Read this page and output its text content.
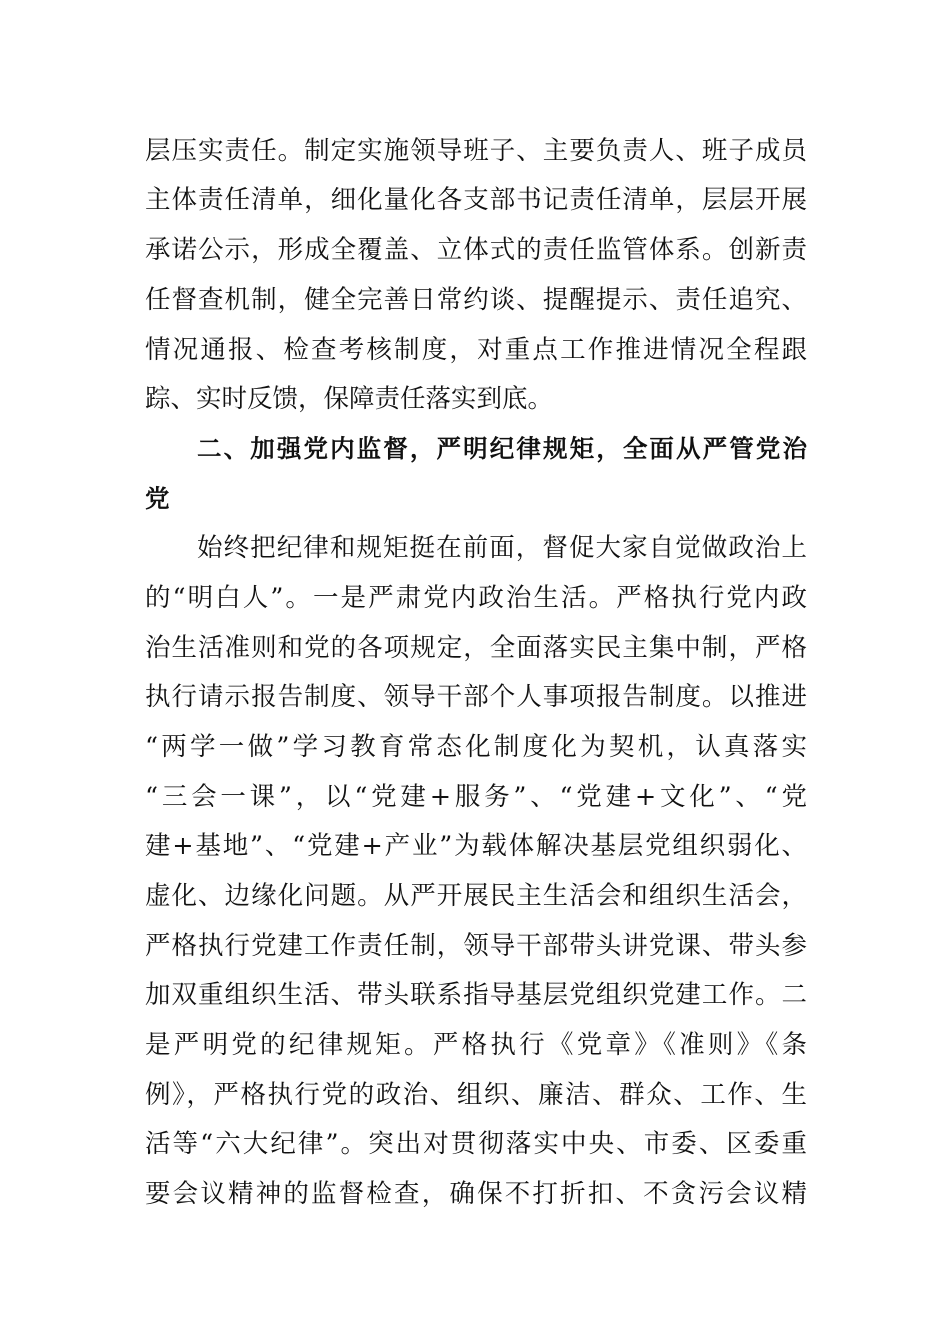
层压实责任。制定实施领导班子、主要负责人、班子成员
主体责任清单，细化量化各支部书记责任清单，层层开展
承诺公示，形成全覆盖、立体式的责任监管体系。创新责
任督查机制，健全完善日常约谈、提醒提示、责任追究、
情况通报、检查考核制度，对重点工作推进情况全程跟
踪、实时反馈，保障责任落实到底。
二、加强党内监督，严明纪律规矩，全面从严管党治
党
始终把纪律和规矩挺在前面，督促大家自觉做政治上
的“明白人”。一是严肃党内政治生活。严格执行党内政
治生活准则和党的各项规定，全面落实民主集中制，严格
执行请示报告制度、领导干部个人事项报告制度。以推进
“两学一做”学习教育常态化制度化为契机，认真落实
“三会一课”，以“党建+服务”、“党建+文化”、“党
建+基地”、“党建+产业”为载体解决基层党组织弱化、
虚化、边缘化问题。从严开展民主生活会和组织生活会，
严格执行党建工作责任制，领导干部带头讲党课、带头参
加双重组织生活、带头联系指导基层党组织党建工作。二
是严明党的纪律规矩。严格执行《党章》《准则》《条
例》，严格执行党的政治、组织、廉洁、群众、工作、生
活等“六大纪律”。突出对贯彻落实中央、市委、区委重
要会议精神的监督检查，确保不打折扣、不贪污会议精
